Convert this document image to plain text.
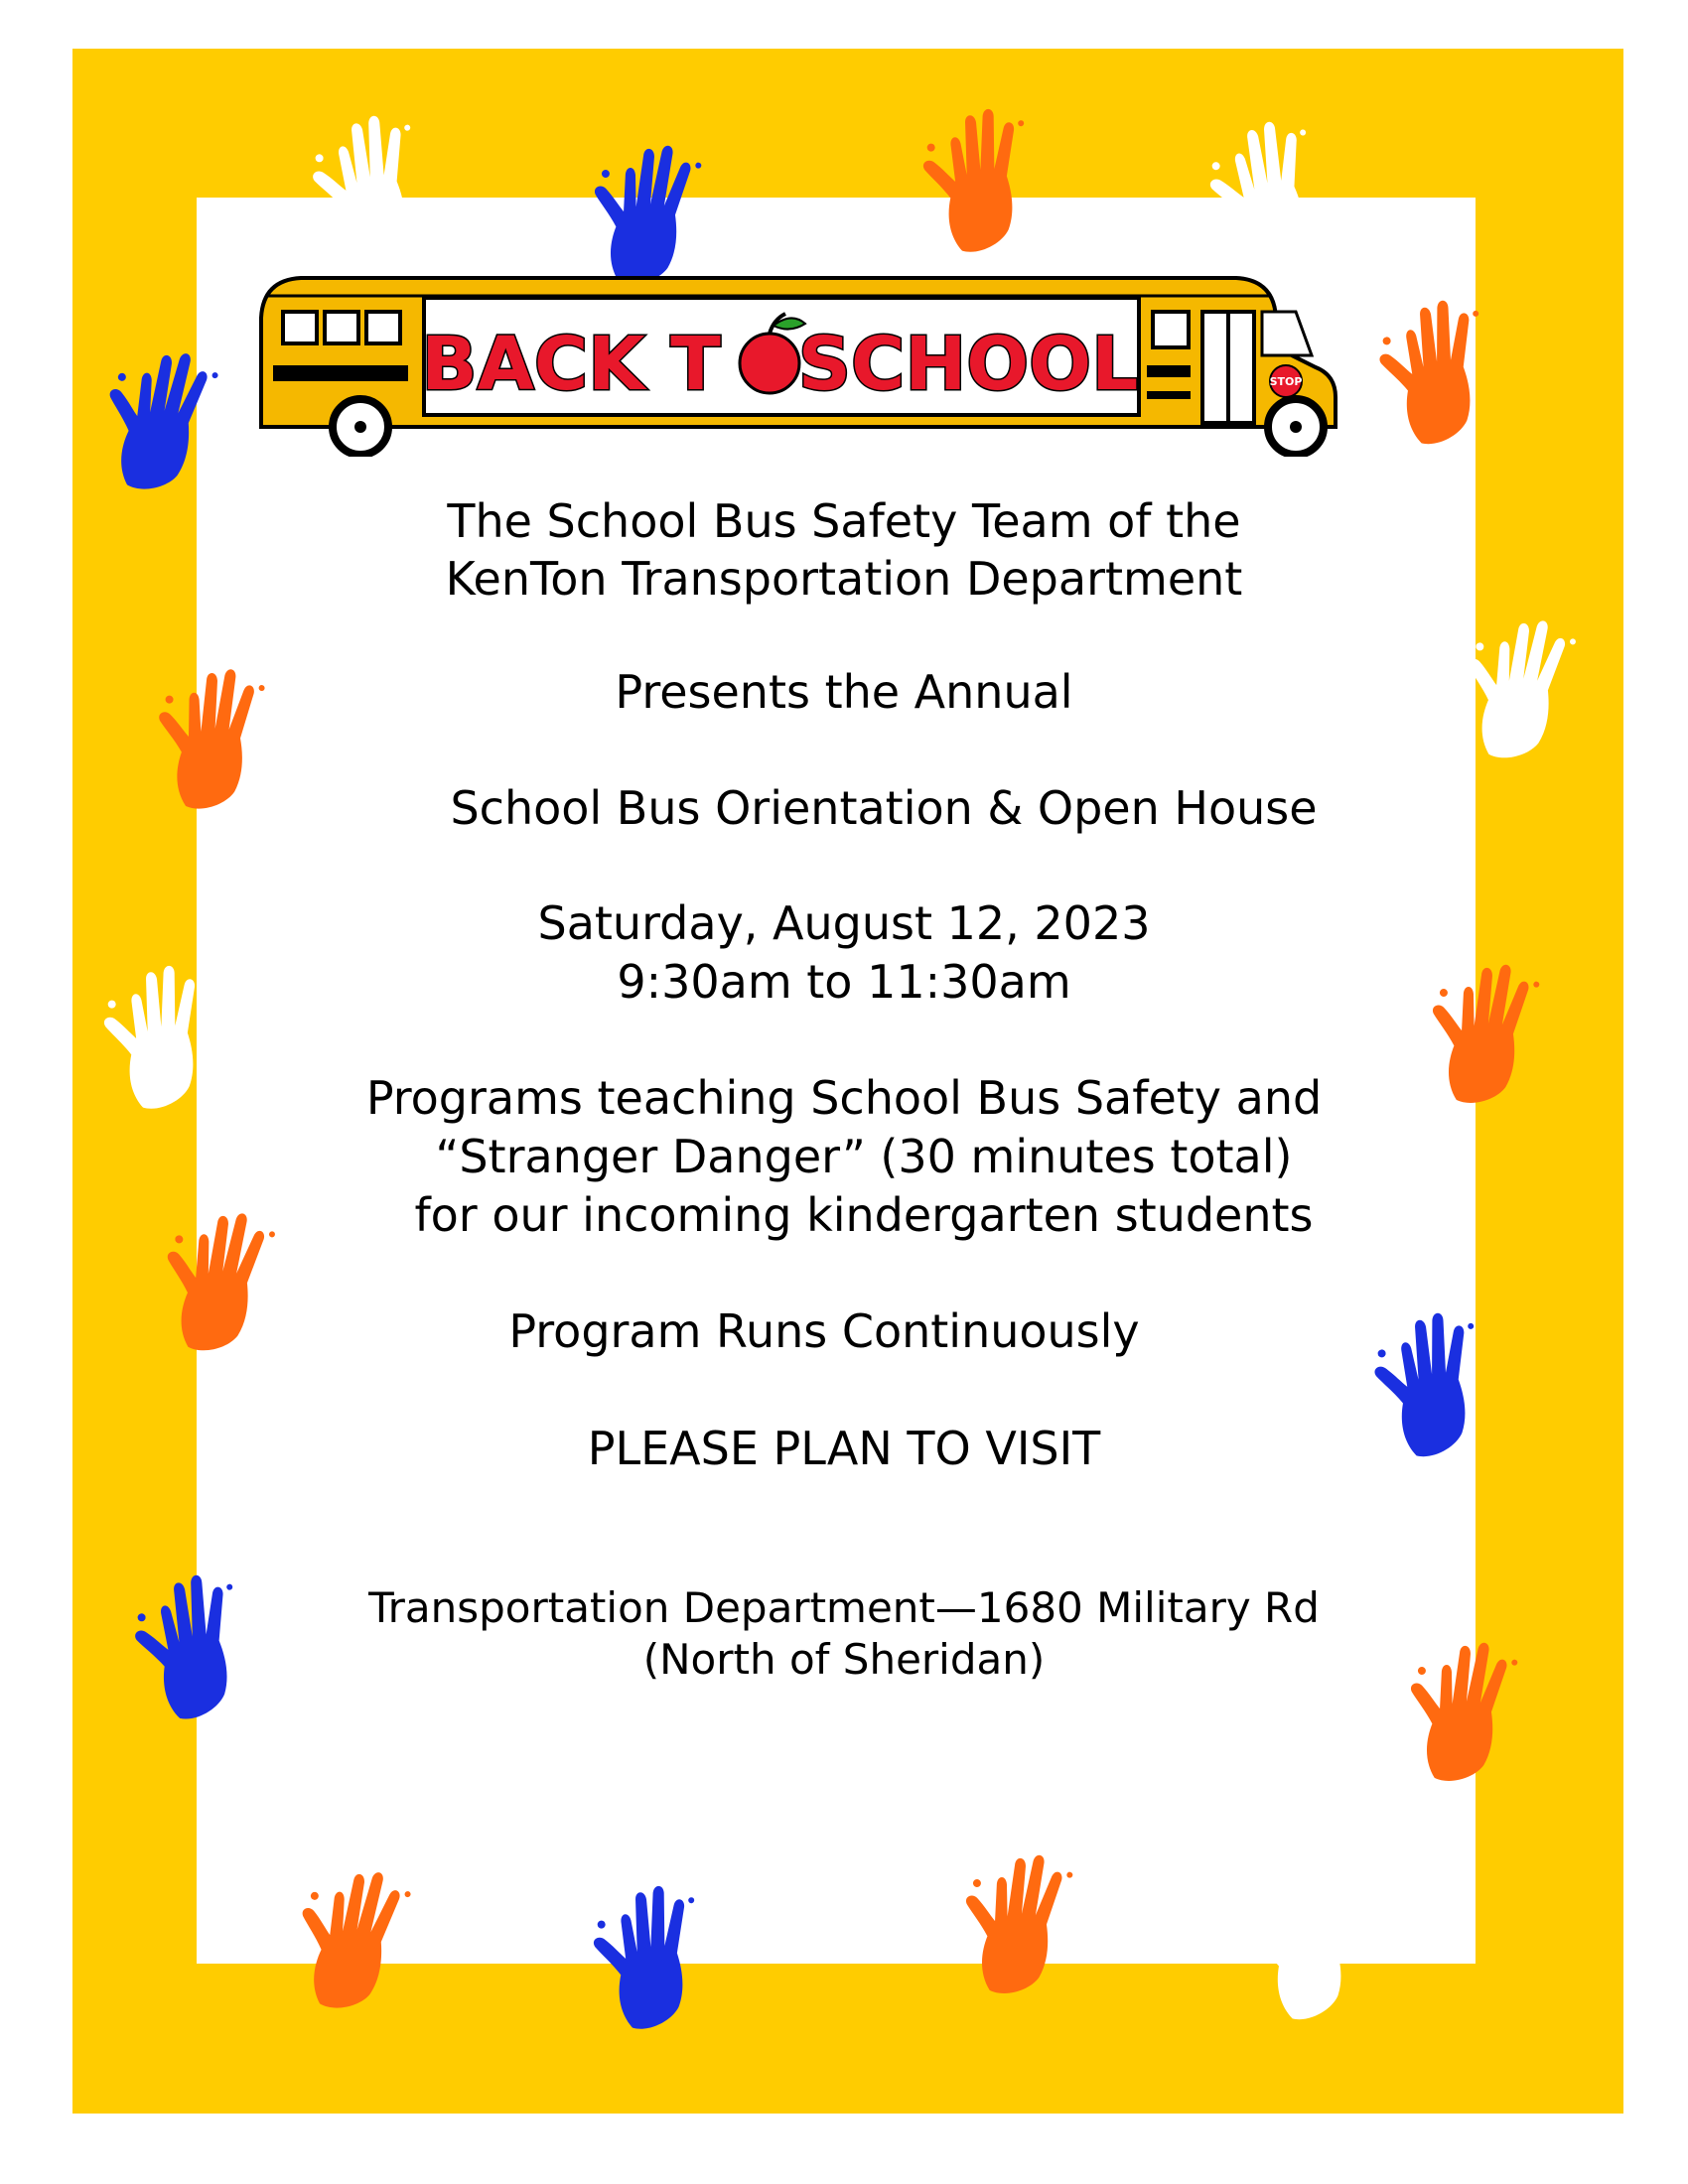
STOP
BACK T SCHOOL
The School Bus Safety Team of the
KenTon Transportation Department
Presents the Annual
School Bus Orientation & Open House
Saturday, August 12, 2023
9:30am to 11:30am
Programs teaching School Bus Safety and
“Stranger Danger” (30 minutes total)
for our incoming kindergarten students
Program Runs Continuously
PLEASE PLAN TO VISIT
Transportation Department—1680 Military Rd
(North of Sheridan)
